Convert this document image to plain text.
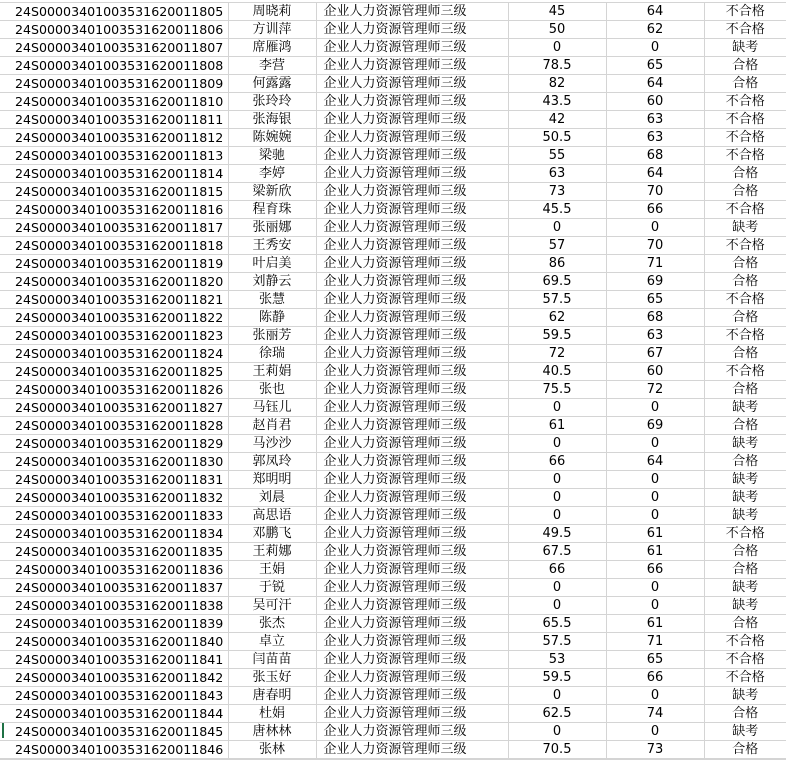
24S00003401003531620011805	周晓莉	企业人力资源管理师三级	45	64	不合格
24S00003401003531620011806	方训萍	企业人力资源管理师三级	50	62	不合格
24S00003401003531620011807	席雁鸿	企业人力资源管理师三级	0	0	缺考
24S00003401003531620011808	李营	企业人力资源管理师三级	78.5	65	合格
24S00003401003531620011809	何露露	企业人力资源管理师三级	82	64	合格
24S00003401003531620011810	张玲玲	企业人力资源管理师三级	43.5	60	不合格
24S00003401003531620011811	张海银	企业人力资源管理师三级	42	63	不合格
24S00003401003531620011812	陈婉婉	企业人力资源管理师三级	50.5	63	不合格
24S00003401003531620011813	梁驰	企业人力资源管理师三级	55	68	不合格
24S00003401003531620011814	李婷	企业人力资源管理师三级	63	64	合格
24S00003401003531620011815	梁新欣	企业人力资源管理师三级	73	70	合格
24S00003401003531620011816	程育珠	企业人力资源管理师三级	45.5	66	不合格
24S00003401003531620011817	张丽娜	企业人力资源管理师三级	0	0	缺考
24S00003401003531620011818	王秀安	企业人力资源管理师三级	57	70	不合格
24S00003401003531620011819	叶启美	企业人力资源管理师三级	86	71	合格
24S00003401003531620011820	刘静云	企业人力资源管理师三级	69.5	69	合格
24S00003401003531620011821	张慧	企业人力资源管理师三级	57.5	65	不合格
24S00003401003531620011822	陈静	企业人力资源管理师三级	62	68	合格
24S00003401003531620011823	张丽芳	企业人力资源管理师三级	59.5	63	不合格
24S00003401003531620011824	徐瑞	企业人力资源管理师三级	72	67	合格
24S00003401003531620011825	王莉娟	企业人力资源管理师三级	40.5	60	不合格
24S00003401003531620011826	张也	企业人力资源管理师三级	75.5	72	合格
24S00003401003531620011827	马钰儿	企业人力资源管理师三级	0	0	缺考
24S00003401003531620011828	赵肖君	企业人力资源管理师三级	61	69	合格
24S00003401003531620011829	马沙沙	企业人力资源管理师三级	0	0	缺考
24S00003401003531620011830	郭凤玲	企业人力资源管理师三级	66	64	合格
24S00003401003531620011831	郑明明	企业人力资源管理师三级	0	0	缺考
24S00003401003531620011832	刘晨	企业人力资源管理师三级	0	0	缺考
24S00003401003531620011833	高思语	企业人力资源管理师三级	0	0	缺考
24S00003401003531620011834	邓鹏飞	企业人力资源管理师三级	49.5	61	不合格
24S00003401003531620011835	王莉娜	企业人力资源管理师三级	67.5	61	合格
24S00003401003531620011836	王娟	企业人力资源管理师三级	66	66	合格
24S00003401003531620011837	于锐	企业人力资源管理师三级	0	0	缺考
24S00003401003531620011838	吴可汗	企业人力资源管理师三级	0	0	缺考
24S00003401003531620011839	张杰	企业人力资源管理师三级	65.5	61	合格
24S00003401003531620011840	卓立	企业人力资源管理师三级	57.5	71	不合格
24S00003401003531620011841	闫苗苗	企业人力资源管理师三级	53	65	不合格
24S00003401003531620011842	张玉好	企业人力资源管理师三级	59.5	66	不合格
24S00003401003531620011843	唐春明	企业人力资源管理师三级	0	0	缺考
24S00003401003531620011844	杜娟	企业人力资源管理师三级	62.5	74	合格
24S00003401003531620011845	唐林林	企业人力资源管理师三级	0	0	缺考
24S00003401003531620011846	张林	企业人力资源管理师三级	70.5	73	合格
